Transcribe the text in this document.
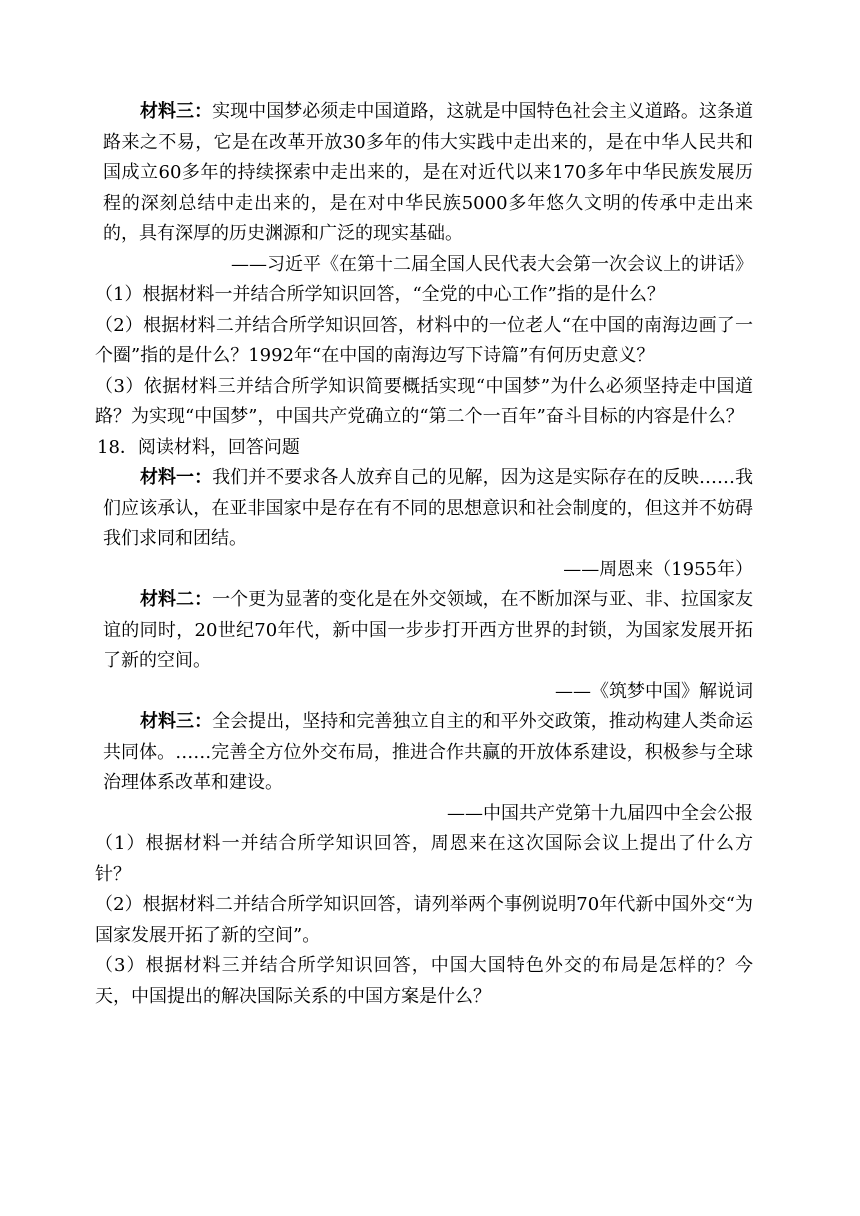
材料三：实现中国梦必须走中国道路，这就是中国特色社会主义道路。这条道路来之不易，它是在改革开放30多年的伟大实践中走出来的，是在中华人民共和国成立60多年的持续探索中走出来的，是在对近代以来170多年中华民族发展历程的深刻总结中走出来的，是在对中华民族5000多年悠久文明的传承中走出来的，具有深厚的历史渊源和广泛的现实基础。

——习近平《在第十二届全国人民代表大会第一次会议上的讲话》

（1）根据材料一并结合所学知识回答，“全党的中心工作”指的是什么？

（2）根据材料二并结合所学知识回答，材料中的一位老人“在中国的南海边画了一个圈”指的是什么？1992年“在中国的南海边写下诗篇”有何历史意义？

（3）依据材料三并结合所学知识简要概括实现“中国梦”为什么必须坚持走中国道路？为实现“中国梦”，中国共产党确立的“第二个一百年”奋斗目标的内容是什么？

18．阅读材料，回答问题

材料一：我们并不要求各人放弃自己的见解，因为这是实际存在的反映……我们应该承认，在亚非国家中是存在有不同的思想意识和社会制度的，但这并不妨碍我们求同和团结。

——周恩来（1955年）

材料二：一个更为显著的变化是在外交领域，在不断加深与亚、非、拉国家友谊的同时，20世纪70年代，新中国一步步打开西方世界的封锁，为国家发展开拓了新的空间。

——《筑梦中国》解说词

材料三：全会提出，坚持和完善独立自主的和平外交政策，推动构建人类命运共同体。……完善全方位外交布局，推进合作共赢的开放体系建设，积极参与全球治理体系改革和建设。

——中国共产党第十九届四中全会公报

（1）根据材料一并结合所学知识回答，周恩来在这次国际会议上提出了什么方针？

（2）根据材料二并结合所学知识回答，请列举两个事例说明70年代新中国外交“为国家发展开拓了新的空间”。

（3）根据材料三并结合所学知识回答，中国大国特色外交的布局是怎样的？今天，中国提出的解决国际关系的中国方案是什么？
